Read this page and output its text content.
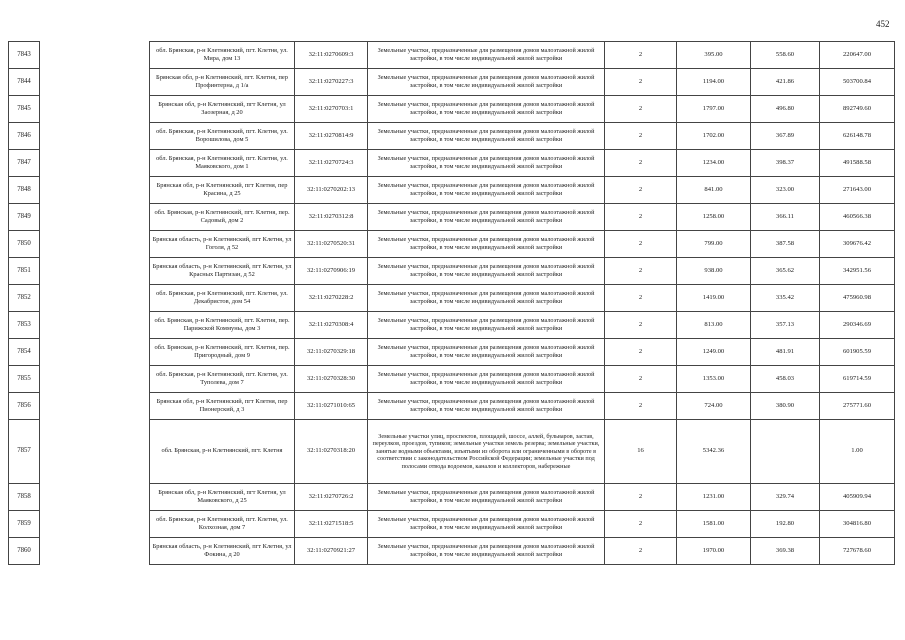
452
7843		обл. Брянская, р-н Клетнянский, пгт. Клетня, ул. Мира, дом 13	32:11:0270609:3	Земельные участки, предназначенные для размещения домов малоэтажной жилой застройки, в том числе индивидуальной жилой застройки	2	395.00	558.60	220647.00
7844		Брянская обл, р-н Клетнянский, пгт. Клетня, пер Профинтерна, д 1/а	32:11:0270227:3	Земельные участки, предназначенные для размещения домов малоэтажной жилой застройки, в том числе индивидуальной жилой застройки	2	1194.00	421.86	503700.84
7845		Брянская обл, р-н Клетнянский, пгт Клетня, ул Заозерная, д 20	32:11:0270703:1	Земельные участки, предназначенные для размещения домов малоэтажной жилой застройки, в том числе индивидуальной жилой застройки	2	1797.00	496.80	892749.60
7846		обл. Брянская, р-н Клетнянский, пгт. Клетня, ул. Ворошилова, дом 5	32:11:0270814:9	Земельные участки, предназначенные для размещения домов малоэтажной жилой застройки, в том числе индивидуальной жилой застройки	2	1702.00	367.89	626148.78
7847		обл. Брянская, р-н Клетнянский, пгт. Клетня, ул. Маяковского, дом 1	32:11:0270724:3	Земельные участки, предназначенные для размещения домов малоэтажной жилой застройки, в том числе индивидуальной жилой застройки	2	1234.00	398.37	491588.58
7848		Брянская обл, р-н Клетнянский, пгт Клетня, пер Красина, д 25	32:11:0270202:13	Земельные участки, предназначенные для размещения домов малоэтажной жилой застройки, в том числе индивидуальной жилой застройки	2	841.00	323.00	271643.00
7849		обл. Брянская, р-н Клетнянский, пгт. Клетня, пер. Садовый, дом 2	32:11:0270312:8	Земельные участки, предназначенные для размещения домов малоэтажной жилой застройки, в том числе индивидуальной жилой застройки	2	1258.00	366.11	460566.38
7850		Брянская область, р-н Клетнянский, пгт Клетня, ул Гоголя, д 52	32:11:0270520:31	Земельные участки, предназначенные для размещения домов малоэтажной жилой застройки, в том числе индивидуальной жилой застройки	2	799.00	387.58	309676.42
7851		Брянская область, р-н Клетнянский, пгт Клетня, ул Красных Партизан, д 52	32:11:0270906:19	Земельные участки, предназначенные для размещения домов малоэтажной жилой застройки, в том числе индивидуальной жилой застройки	2	938.00	365.62	342951.56
7852		обл. Брянская, р-н Клетнянский, пгт. Клетня, ул. Декабристов, дом 54	32:11:0270228:2	Земельные участки, предназначенные для размещения домов малоэтажной жилой застройки, в том числе индивидуальной жилой застройки	2	1419.00	335.42	475960.98
7853		обл. Брянская, р-н Клетнянский, пгт. Клетня, пер. Парижской Коммуны, дом 3	32:11:0270308:4	Земельные участки, предназначенные для размещения домов малоэтажной жилой застройки, в том числе индивидуальной жилой застройки	2	813.00	357.13	290346.69
7854		обл. Брянская, р-н Клетнянский, пгт. Клетня, пер. Пригородный, дом 9	32:11:0270329:18	Земельные участки, предназначенные для размещения домов малоэтажной жилой застройки, в том числе индивидуальной жилой застройки	2	1249.00	481.91	601905.59
7855		обл. Брянская, р-н Клетнянский, пгт. Клетня, ул. Туполева, дом 7	32:11:0270328:30	Земельные участки, предназначенные для размещения домов малоэтажной жилой застройки, в том числе индивидуальной жилой застройки	2	1353.00	458.03	619714.59
7856		Брянская обл, р-н Клетнянский, пгт Клетня, пер Пионерский, д 3	32:11:0271010:65	Земельные участки, предназначенные для размещения домов малоэтажной жилой застройки, в том числе индивидуальной жилой застройки	2	724.00	380.90	275771.60
7857		обл. Брянская, р-н Клетнянский, пгт. Клетня	32:11:0270318:20	Земельные участки улиц, проспектов, площадей, шоссе, аллей, бульваров, застав, переулков, проездов, тупиков; земельные участки земель резерва; земельные участки, занятые водными объектами, изъятыми из оборота или ограниченными в обороте в соответствии с законодательством Российской Федерации; земельные участки под полосами отвода водоемов, каналов и коллекторов, набережные	16	5342.36		1.00
7858		Брянская обл, р-н Клетнянский, пгт Клетня, ул Маяковского, д 25	32:11:0270726:2	Земельные участки, предназначенные для размещения домов малоэтажной жилой застройки, в том числе индивидуальной жилой застройки	2	1231.00	329.74	405909.94
7859		обл. Брянская, р-н Клетнянский, пгт. Клетня, ул. Колхозная, дом 7	32:11:0271518:5	Земельные участки, предназначенные для размещения домов малоэтажной жилой застройки, в том числе индивидуальной жилой застройки	2	1581.00	192.80	304816.80
7860		Брянская область, р-н Клетнянский, пгт Клетня, ул Фокина, д 20	32:11:0270921:27	Земельные участки, предназначенные для размещения домов малоэтажной жилой застройки, в том числе индивидуальной жилой застройки	2	1970.00	369.38	727678.60
